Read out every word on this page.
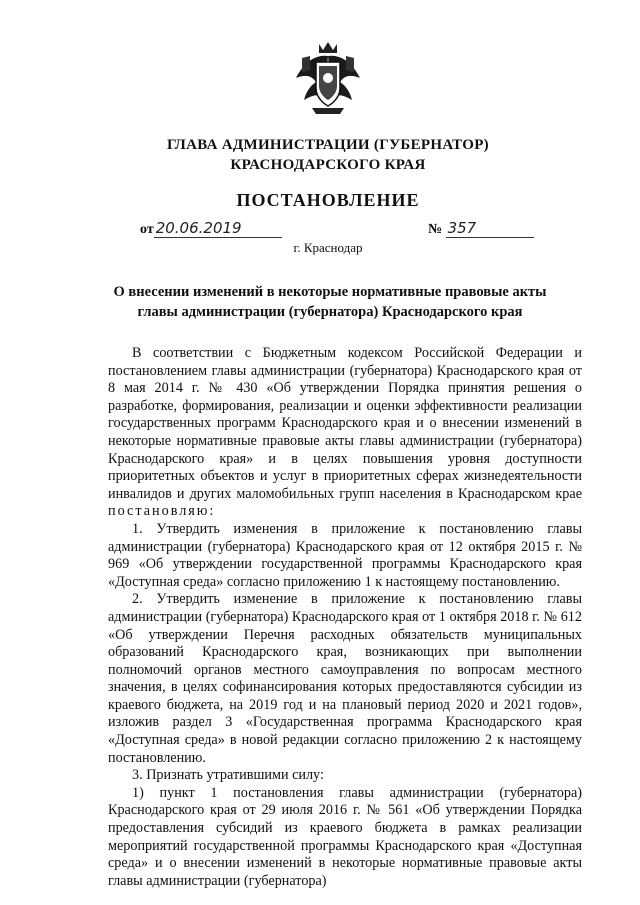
ГЛАВА АДМИНИСТРАЦИИ (ГУБЕРНАТОР)
КРАСНОДАРСКОГО КРАЯ
ПОСТАНОВЛЕНИЕ
от 20.06.2019	№ 357
г. Краснодар
О внесении изменений в некоторые нормативные правовые акты
главы администрации (губернатора) Краснодарского края

В соответствии с Бюджетным кодексом Российской Федерации и постановлением главы администрации (губернатора) Краснодарского края от 8 мая 2014 г. № 430 «Об утверждении Порядка принятия решения о разработке, формирования, реализации и оценки эффективности реализации государственных программ Краснодарского края и о внесении изменений в некоторые нормативные правовые акты главы администрации (губернатора) Краснодарского края» и в целях повышения уровня доступности приоритетных объектов и услуг в приоритетных сферах жизнедеятельности инвалидов и других маломобильных групп населения в Краснодарском крае постановляю:

1. Утвердить изменения в приложение к постановлению главы администрации (губернатора) Краснодарского края от 12 октября 2015 г. № 969 «Об утверждении государственной программы Краснодарского края «Доступная среда» согласно приложению 1 к настоящему постановлению.

2. Утвердить изменение в приложение к постановлению главы администрации (губернатора) Краснодарского края от 1 октября 2018 г. № 612 «Об утверждении Перечня расходных обязательств муниципальных образований Краснодарского края, возникающих при выполнении полномочий органов местного самоуправления по вопросам местного значения, в целях софинансирования которых предоставляются субсидии из краевого бюджета, на 2019 год и на плановый период 2020 и 2021 годов», изложив раздел 3 «Государственная программа Краснодарского края «Доступная среда» в новой редакции согласно приложению 2 к настоящему постановлению.

3. Признать утратившими силу:

1) пункт 1 постановления главы администрации (губернатора) Краснодарского края от 29 июля 2016 г. № 561 «Об утверждении Порядка предоставления субсидий из краевого бюджета в рамках реализации мероприятий государственной программы Краснодарского края «Доступная среда» и о внесении изменений в некоторые нормативные правовые акты главы администрации (губернатора)
